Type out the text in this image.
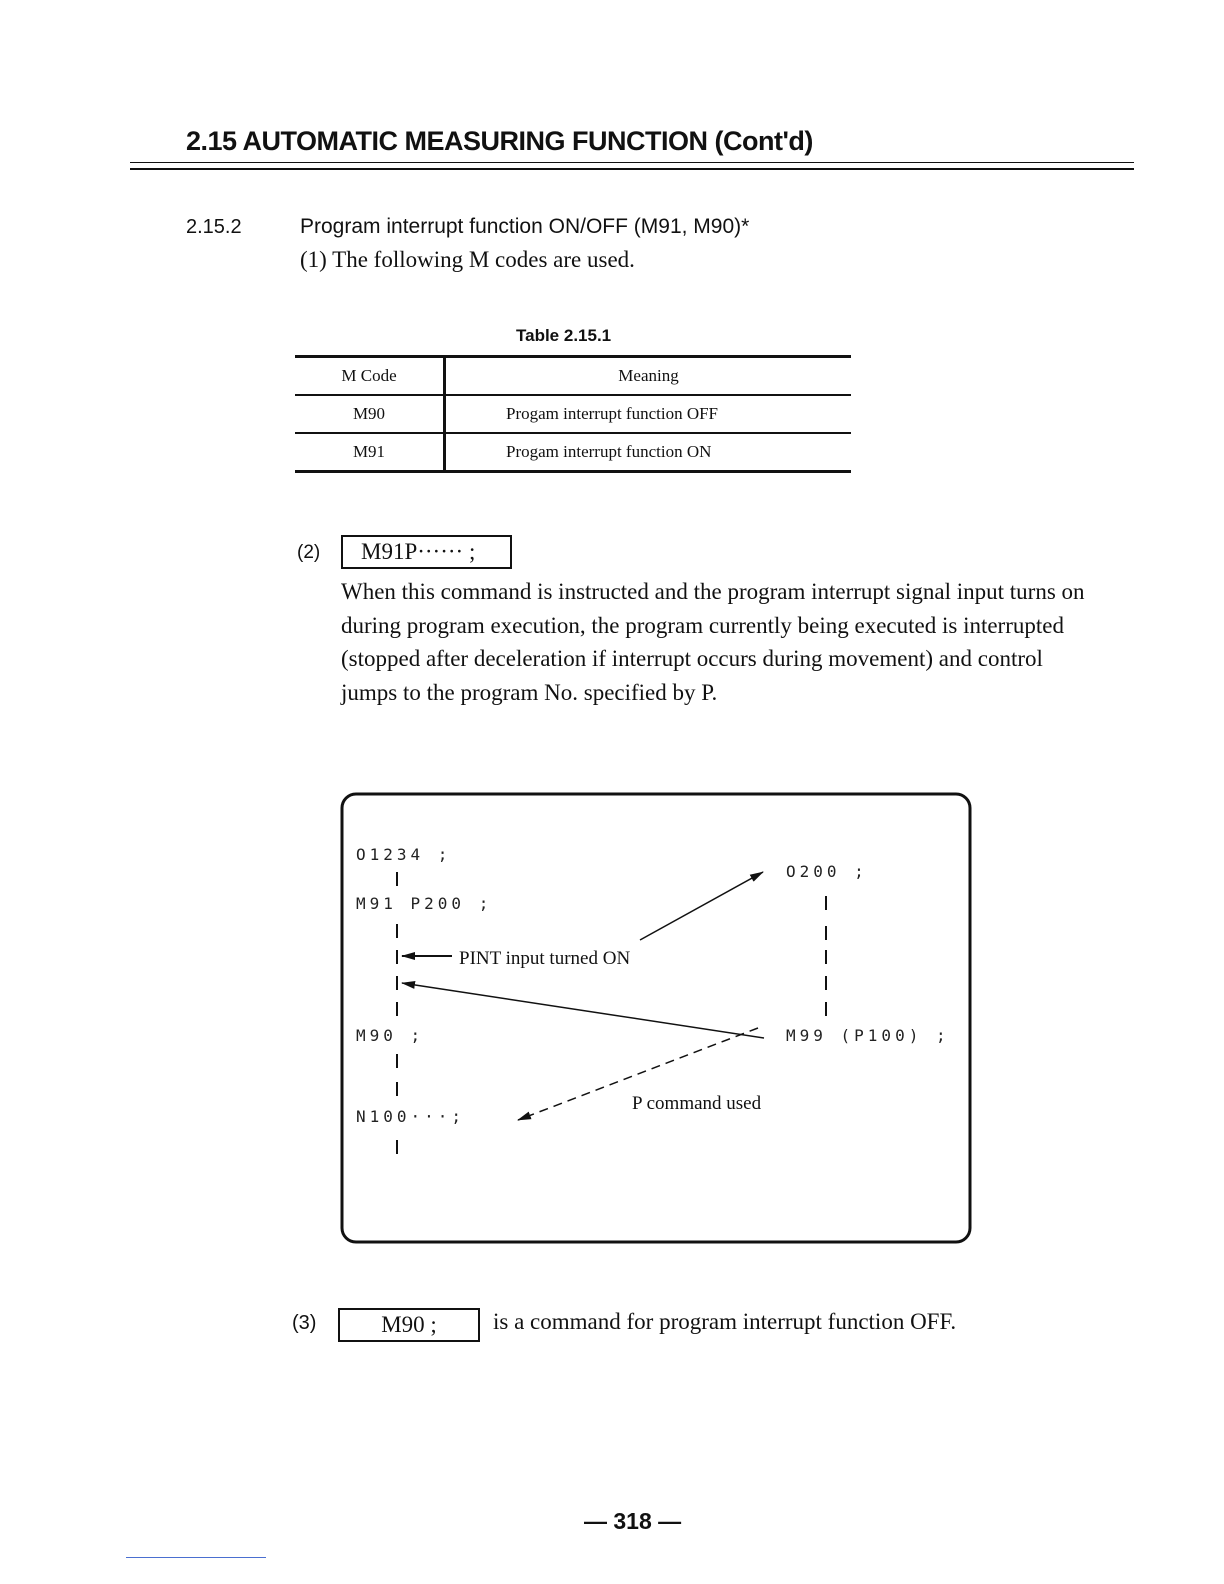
2.15 AUTOMATIC MEASURING FUNCTION (Cont'd)
2.15.2	Program interrupt function ON/OFF (M91, M90)*
(1) The following M codes are used.
Table 2.15.1
M Code	Meaning
M90	Progam interrupt function OFF
M91	Progam interrupt function ON
(2)	M91P······ ;
When this command is instructed and the program interrupt signal input turns on during program execution, the program currently being executed is interrupted (stopped after deceleration if interrupt occurs during movement) and control jumps to the program No. specified by P.
O1234 ;
M91 P200 ;
M90 ;
N100···;
O200 ;
M99 (P100) ;
PINT input turned ON
P command used
(3)	M90 ;	is a command for program interrupt function OFF.
— 318 —
